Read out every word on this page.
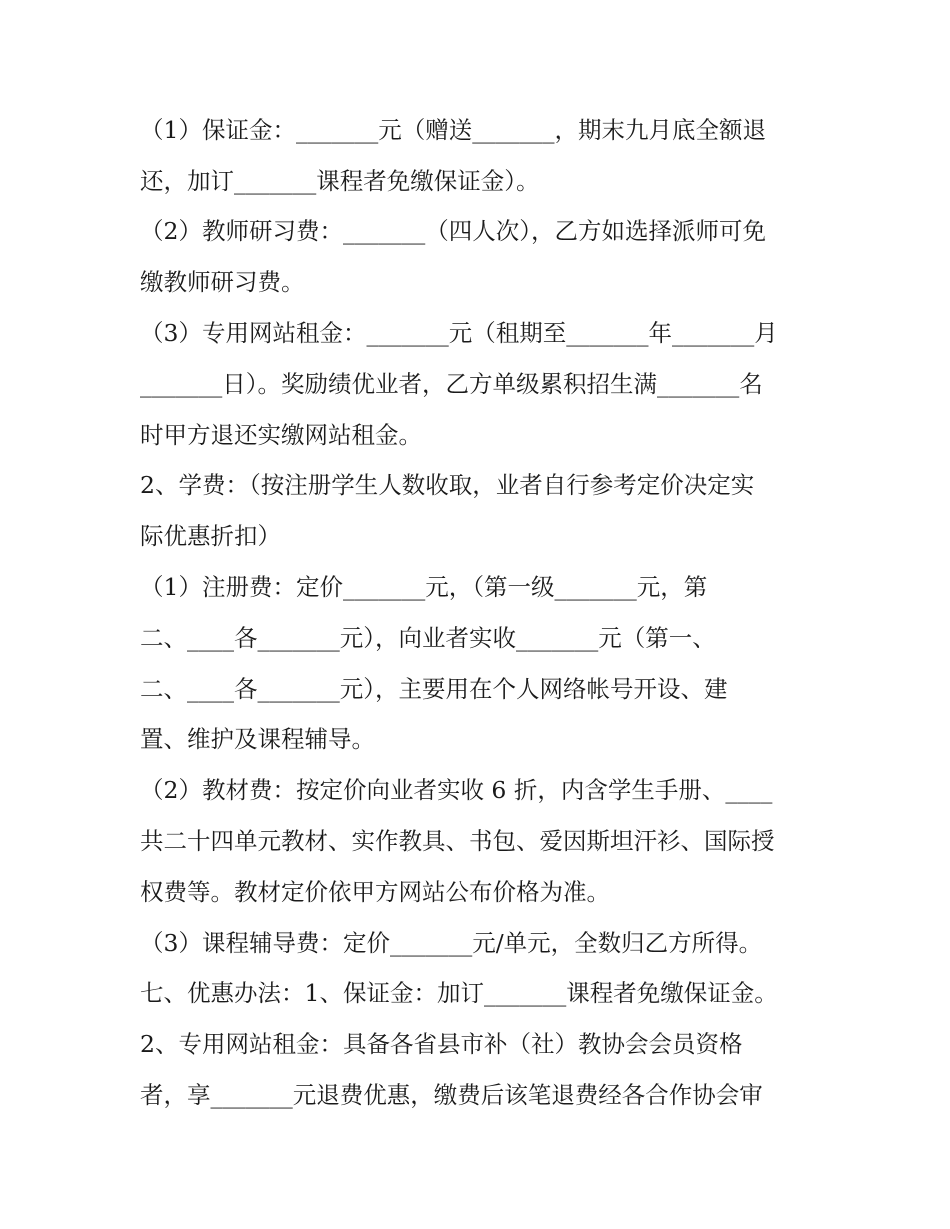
（1）保证金：_______元（赠送_______，期末九月底全额退
还，加订_______课程者免缴保证金）。
（2）教师研习费：_______（四人次），乙方如选择派师可免
缴教师研习费。
（3）专用网站租金：_______元（租期至_______年_______月
_______日）。奖励绩优业者，乙方单级累积招生满_______名
时甲方退还实缴网站租金。
2、学费：（按注册学生人数收取，业者自行参考定价决定实
际优惠折扣）
（1）注册费：定价_______元，（第一级_______元，第
二、____各_______元），向业者实收_______元（第一、
二、____各_______元），主要用在个人网络帐号开设、建
置、维护及课程辅导。
（2）教材费：按定价向业者实收 6 折，内含学生手册、____
共二十四单元教材、实作教具、书包、爱因斯坦汗衫、国际授
权费等。教材定价依甲方网站公布价格为准。
（3）课程辅导费：定价_______元/单元，全数归乙方所得。
七、优惠办法：1、保证金：加订_______课程者免缴保证金。
2、专用网站租金：具备各省县市补（社）教协会会员资格
者，享_______元退费优惠，缴费后该笔退费经各合作协会审
